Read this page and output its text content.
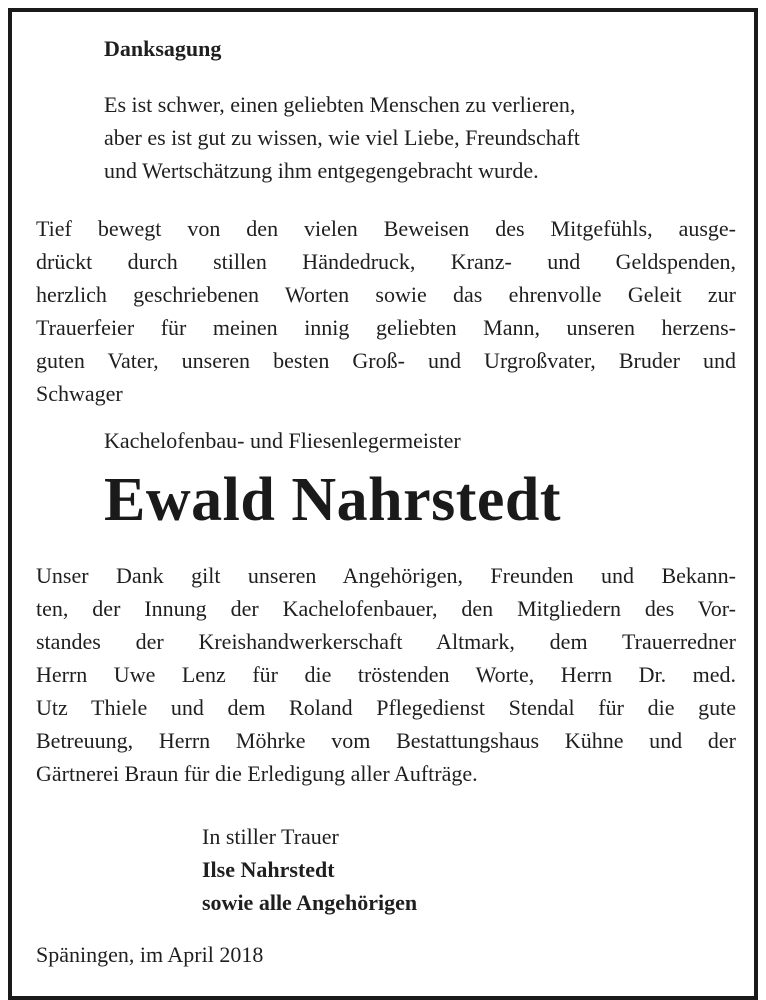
Danksagung
Es ist schwer, einen geliebten Menschen zu verlieren,
aber es ist gut zu wissen, wie viel Liebe, Freundschaft
und Wertschätzung ihm entgegengebracht wurde.
Tief bewegt von den vielen Beweisen des Mitgefühls, ausge-
drückt durch stillen Händedruck, Kranz- und Geldspenden,
herzlich geschriebenen Worten sowie das ehrenvolle Geleit zur
Trauerfeier für meinen innig geliebten Mann, unseren herzens-
guten Vater, unseren besten Groß- und Urgroßvater, Bruder und
Schwager
Kachelofenbau- und Fliesenlegermeister
Ewald Nahrstedt
Unser Dank gilt unseren Angehörigen, Freunden und Bekann-
ten, der Innung der Kachelofenbauer, den Mitgliedern des Vor-
standes der Kreishandwerkerschaft Altmark, dem Trauerredner
Herrn Uwe Lenz für die tröstenden Worte, Herrn Dr. med.
Utz Thiele und dem Roland Pflegedienst Stendal für die gute
Betreuung, Herrn Möhrke vom Bestattungshaus Kühne und der
Gärtnerei Braun für die Erledigung aller Aufträge.
In stiller Trauer
Ilse Nahrstedt
sowie alle Angehörigen
Späningen, im April 2018
